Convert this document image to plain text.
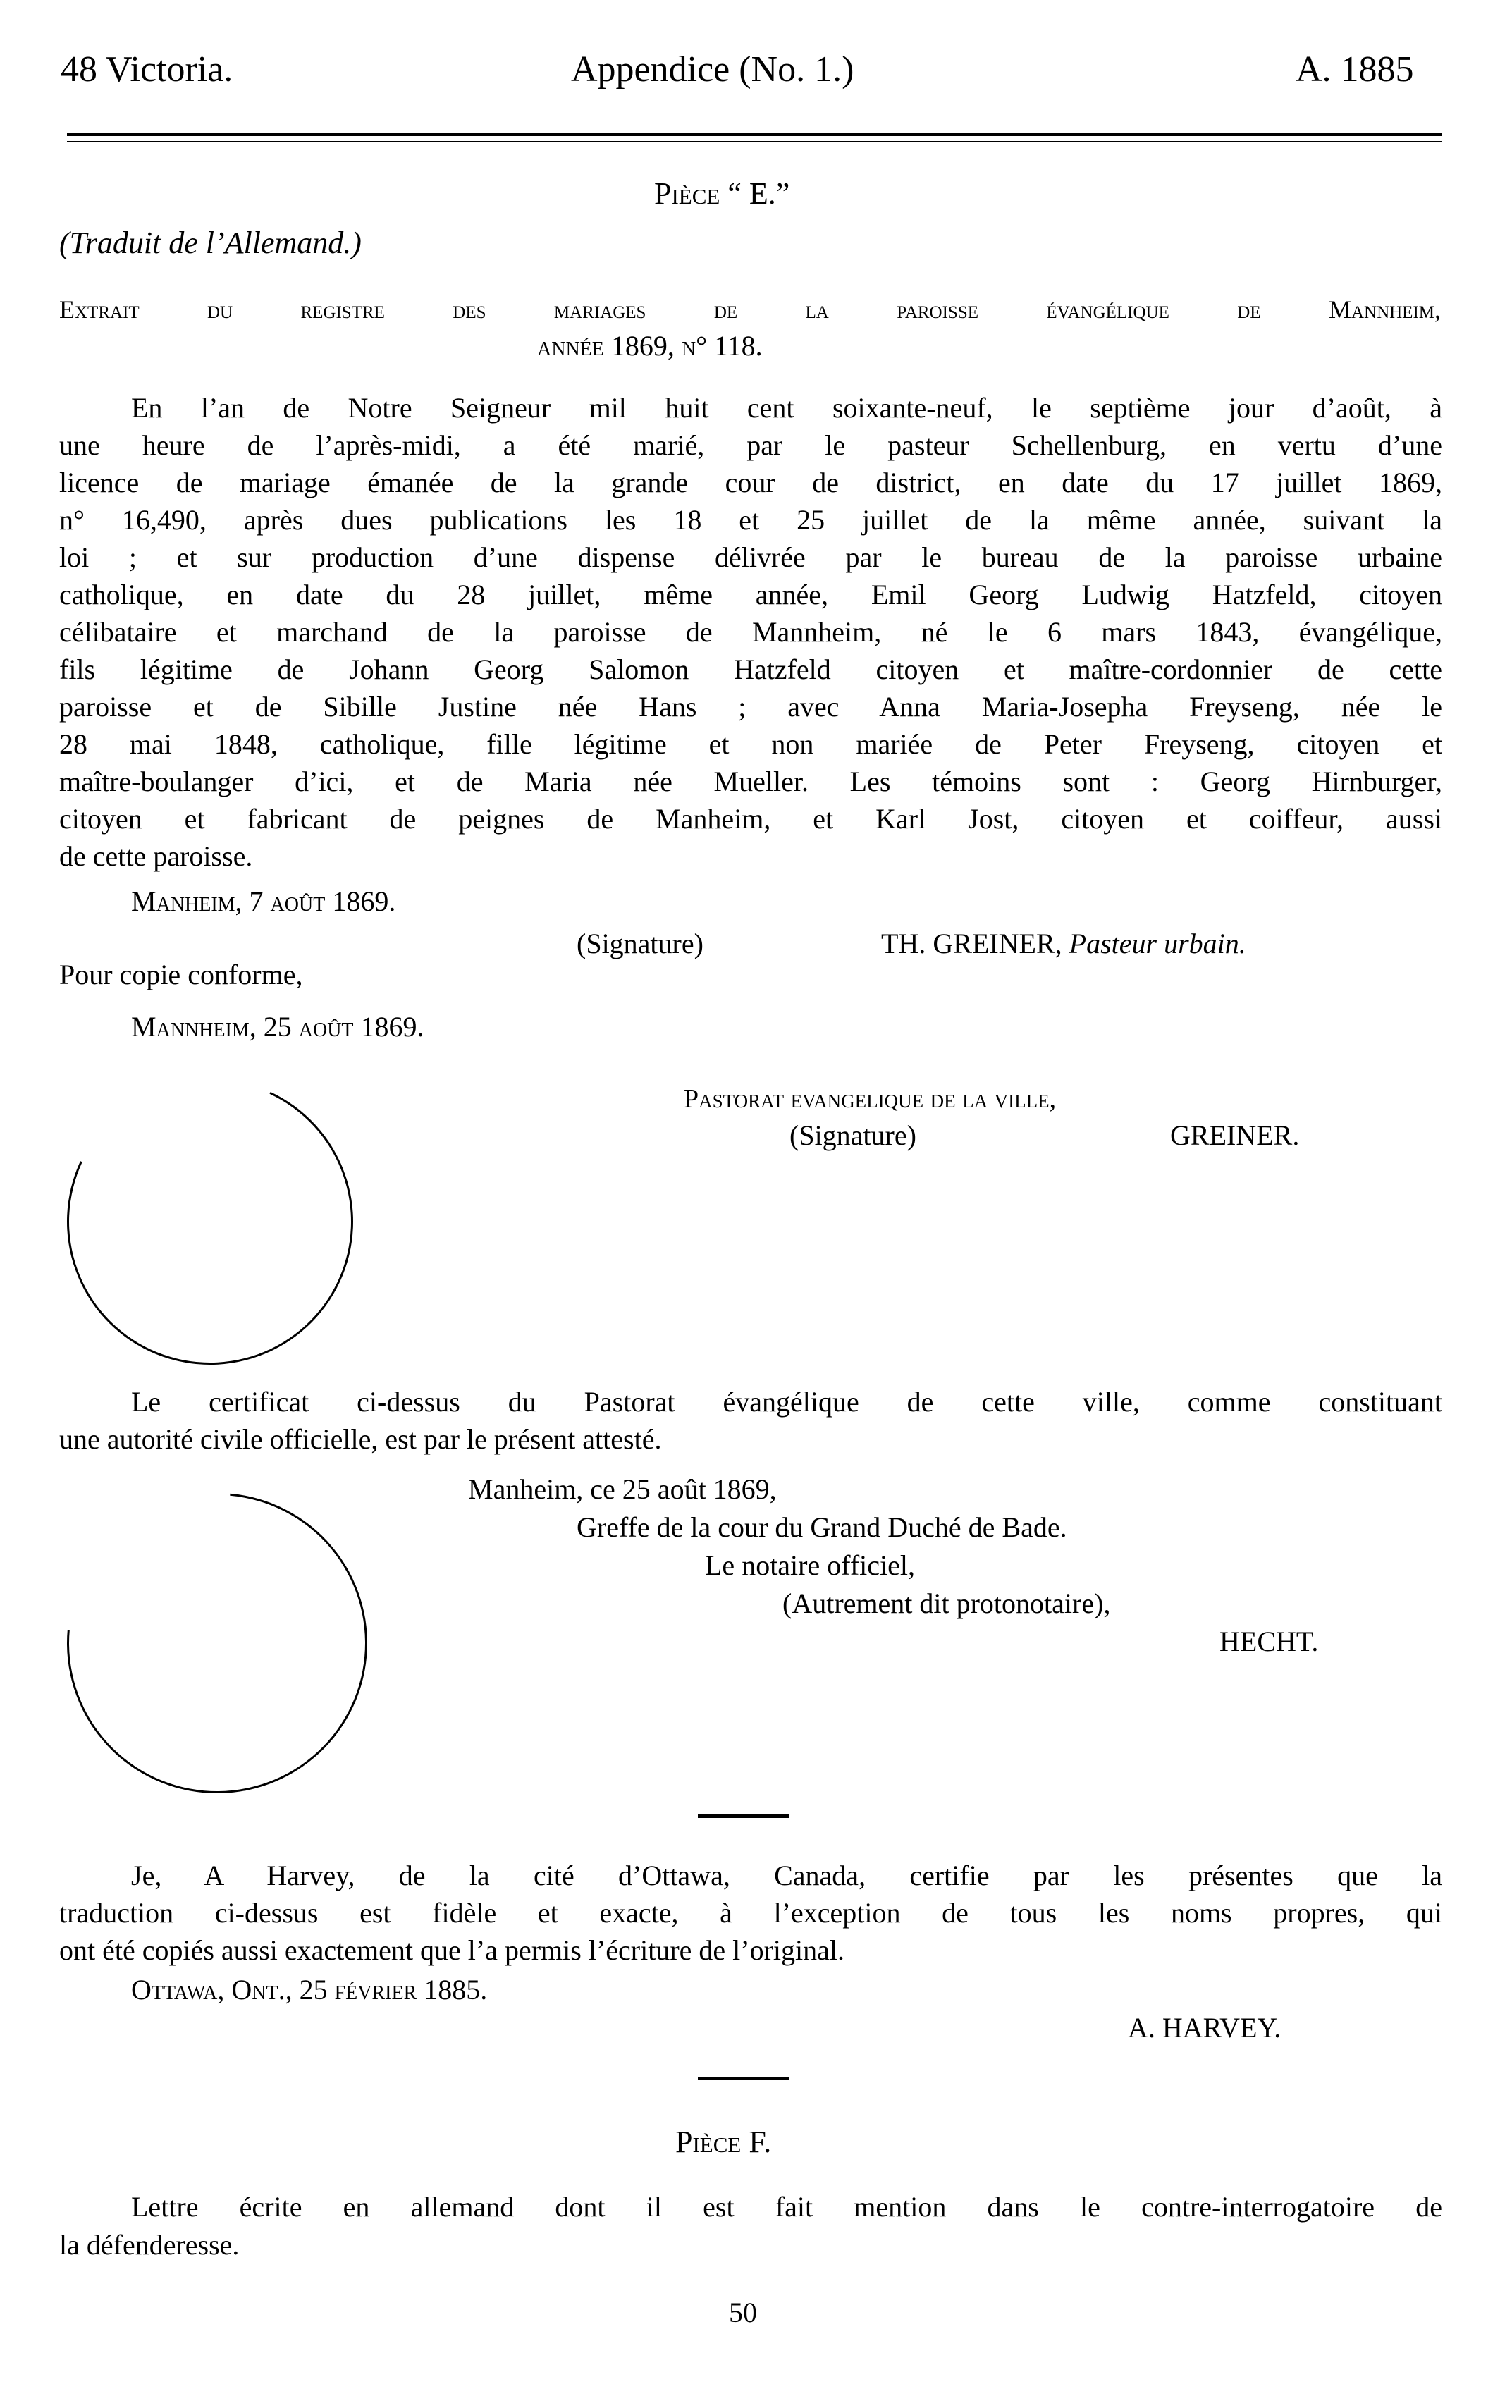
48 Victoria.	Appendice (No. 1.)	A. 1885
Pièce “ E.”
(Traduit de l’Allemand.)
Extrait du registre des mariages de la paroisse évangélique de Mannheim,
année 1869, n° 118.
En l’an de Notre Seigneur mil huit cent soixante-neuf, le septième jour d’août, à
une heure de l’après-midi, a été marié, par le pasteur Schellenburg, en vertu d’une
licence de mariage émanée de la grande cour de district, en date du 17 juillet 1869,
n° 16,490, après dues publications les 18 et 25 juillet de la même année, suivant la
loi ; et sur production d’une dispense délivrée par le bureau de la paroisse urbaine
catholique, en date du 28 juillet, même année, Emil Georg Ludwig Hatzfeld, citoyen
célibataire et marchand de la paroisse de Mannheim, né le 6 mars 1843, évangélique,
fils légitime de Johann Georg Salomon Hatzfeld citoyen et maître-cordonnier de cette
paroisse et de Sibille Justine née Hans ; avec Anna Maria-Josepha Freyseng, née le
28 mai 1848, catholique, fille légitime et non mariée de Peter Freyseng, citoyen et
maître-boulanger d’ici, et de Maria née Mueller. Les témoins sont : Georg Hirnburger,
citoyen et fabricant de peignes de Manheim, et Karl Jost, citoyen et coiffeur, aussi
de cette paroisse.
Manheim, 7 août 1869.
(Signature)	TH. GREINER, Pasteur urbain.
Pour copie conforme,
Mannheim, 25 août 1869.
Pastorat evangelique de la ville,
(Signature)	GREINER.
Le certificat ci-dessus du Pastorat évangélique de cette ville, comme constituant
une autorité civile officielle, est par le présent attesté.
Manheim, ce 25 août 1869,
Greffe de la cour du Grand Duché de Bade.
Le notaire officiel,
(Autrement dit protonotaire),
HECHT.
Je, A Harvey, de la cité d’Ottawa, Canada, certifie par les présentes que la
traduction ci-dessus est fidèle et exacte, à l’exception de tous les noms propres, qui
ont été copiés aussi exactement que l’a permis l’écriture de l’original.
Ottawa, Ont., 25 février 1885.
A. HARVEY.
Pièce F.
Lettre écrite en allemand dont il est fait mention dans le contre-interrogatoire de
la défenderesse.
50
